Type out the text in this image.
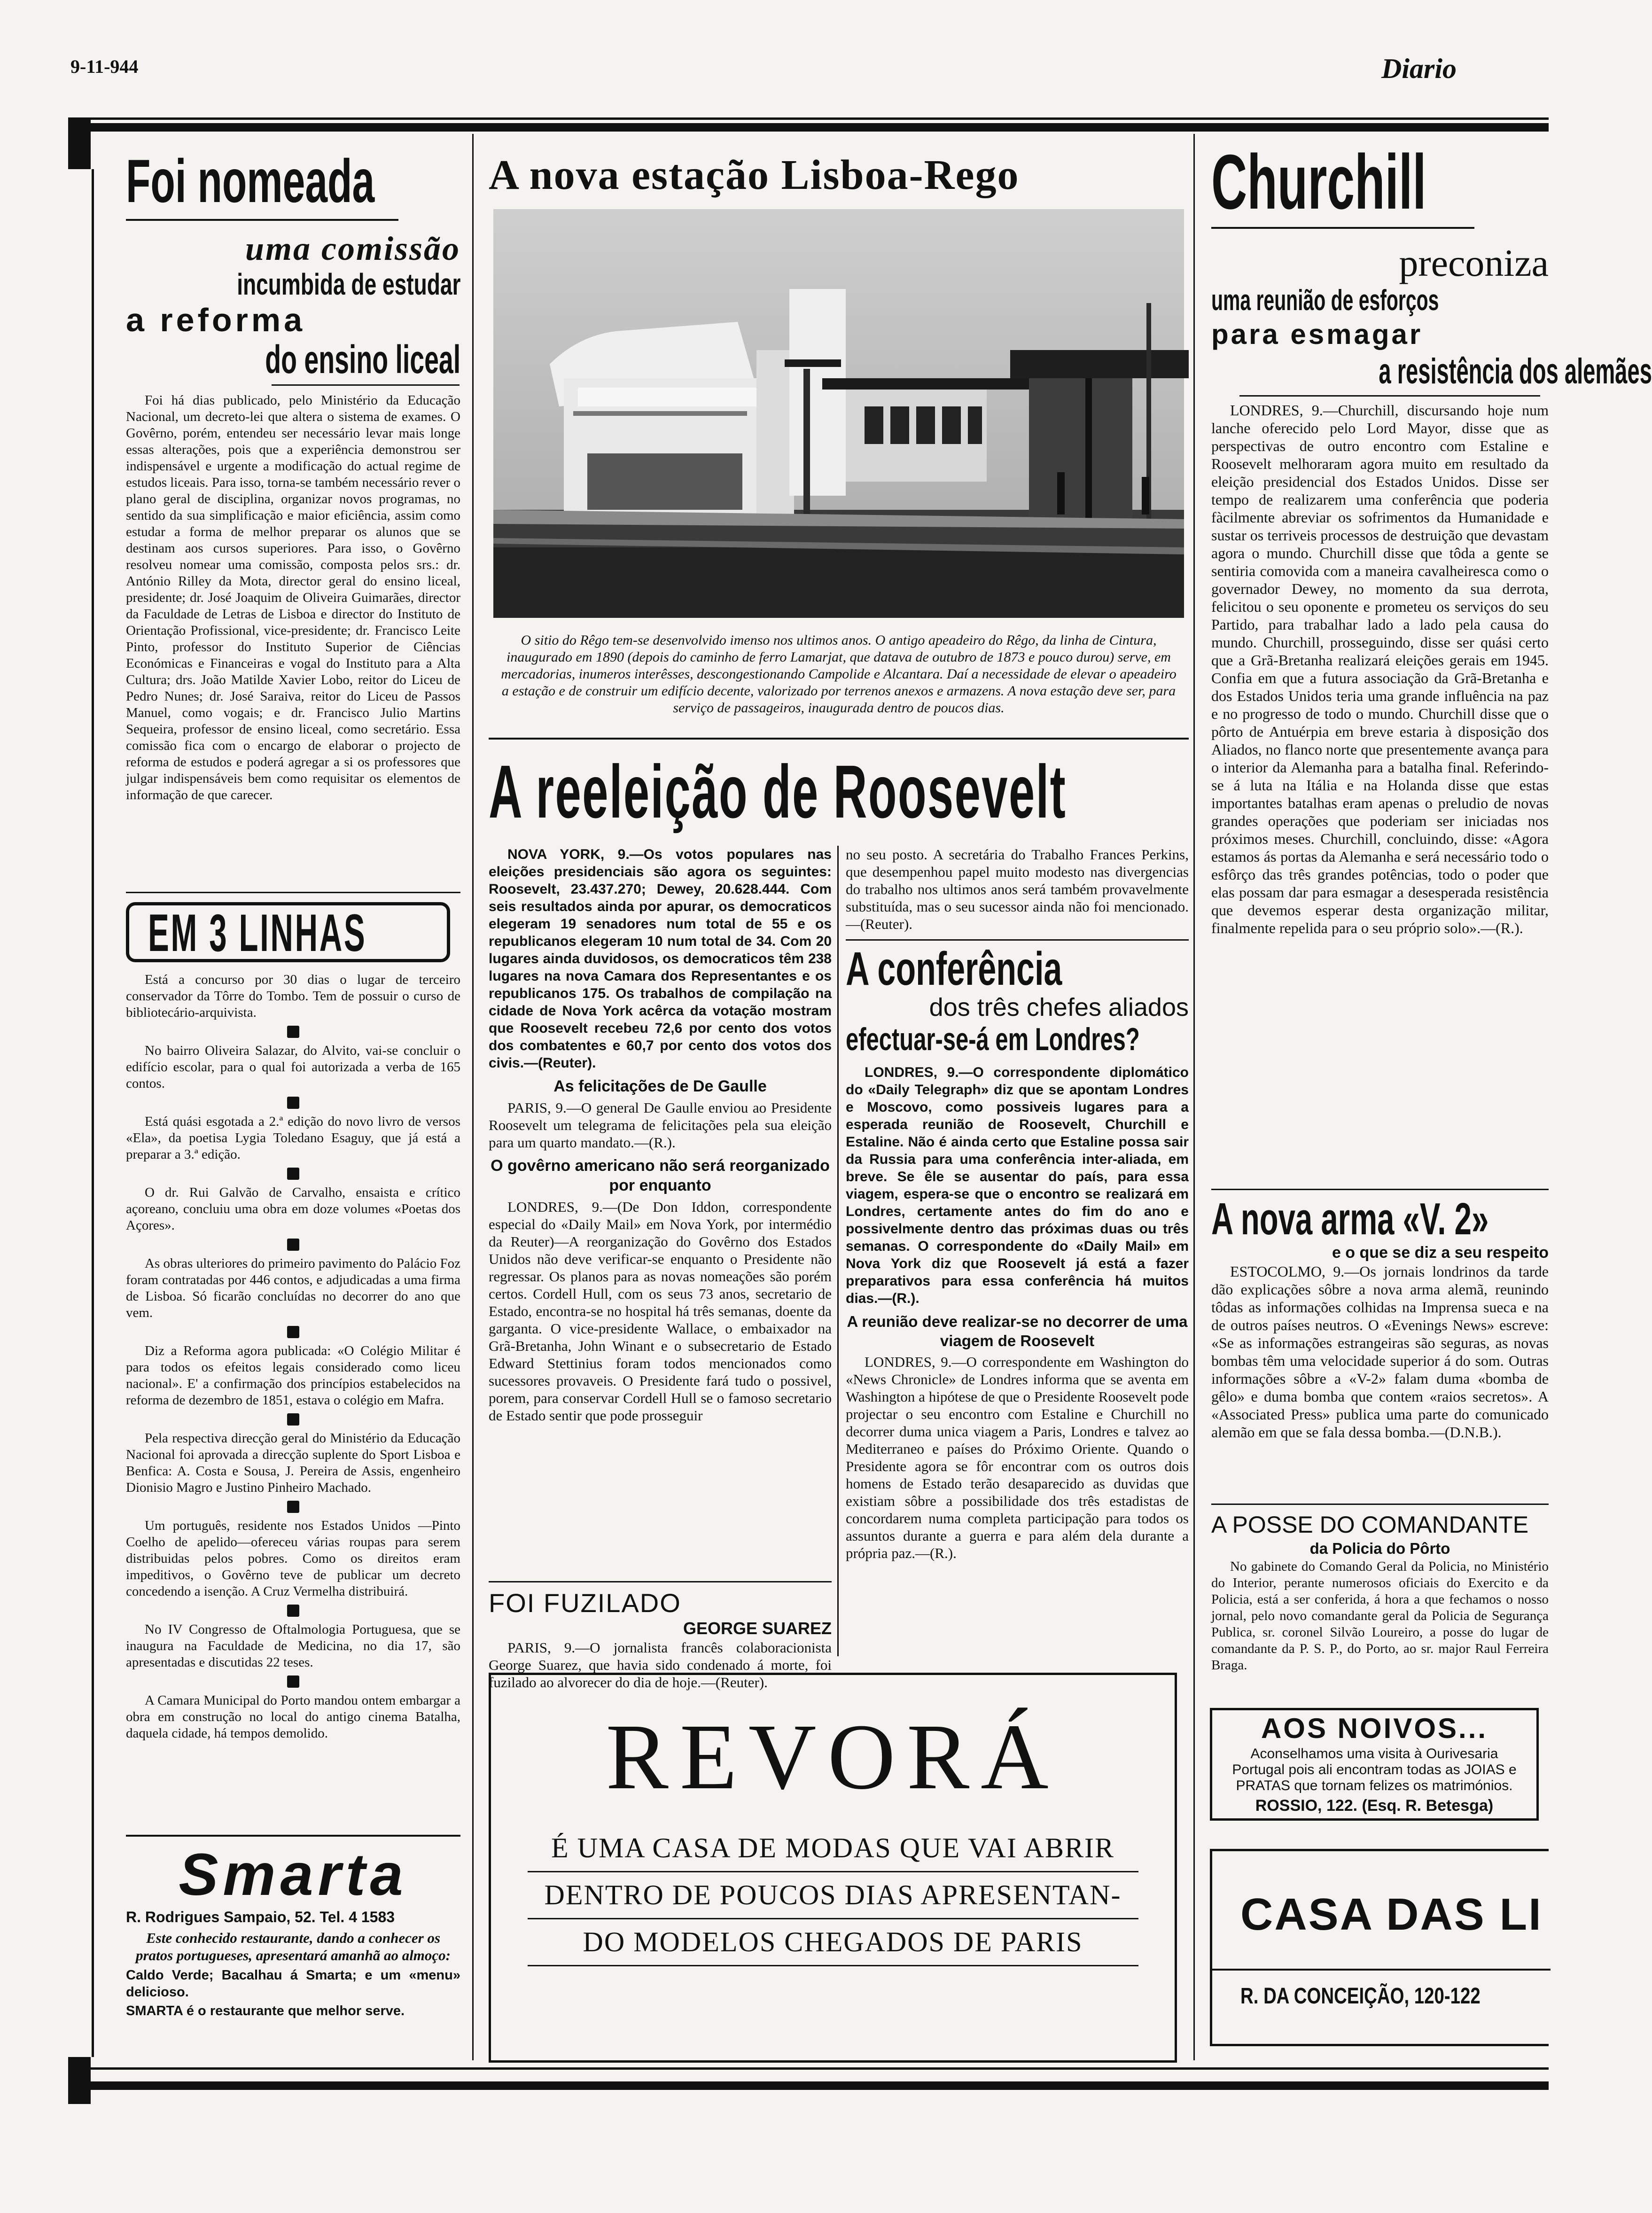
9-11-944	Diario
Foi nomeada
uma comissão
incumbida de estudar
a reforma
do ensino liceal

Foi há dias publicado, pelo Ministério da Educação Nacional, um decreto-lei que altera o sistema de exames. O Govêrno, porém, entendeu ser necessário levar mais longe essas alterações, pois que a experiência demonstrou ser indispensável e urgente a modificação do actual regime de estudos liceais. Para isso, torna-se também necessário rever o plano geral de disciplina, organizar novos programas, no sentido da sua simplificação e maior eficiência, assim como estudar a forma de melhor preparar os alunos que se destinam aos cursos superiores. Para isso, o Govêrno resolveu nomear uma comissão, composta pelos srs.: dr. António Rilley da Mota, director geral do ensino liceal, presidente; dr. José Joaquim de Oliveira Guimarães, director da Faculdade de Letras de Lisboa e director do Instituto de Orientação Profissional, vice-presidente; dr. Francisco Leite Pinto, professor do Instituto Superior de Ciências Económicas e Financeiras e vogal do Instituto para a Alta Cultura; drs. João Matilde Xavier Lobo, reitor do Liceu de Pedro Nunes; dr. José Saraiva, reitor do Liceu de Passos Manuel, como vogais; e dr. Francisco Julio Martins Sequeira, professor de ensino liceal, como secretário. Essa comissão fica com o encargo de elaborar o projecto de reforma de estudos e poderá agregar a si os professores que julgar indispensáveis bem como requisitar os elementos de informação de que carecer.

EM 3 LINHAS

Está a concurso por 30 dias o lugar de terceiro conservador da Tôrre do Tombo. Tem de possuir o curso de bibliotecário-arquivista.

No bairro Oliveira Salazar, do Alvito, vai-se concluir o edifício escolar, para o qual foi autorizada a verba de 165 contos.

Está quási esgotada a 2.ª edição do novo livro de versos «Ela», da poetisa Lygia Toledano Esaguy, que já está a preparar a 3.ª edição.

O dr. Rui Galvão de Carvalho, ensaista e crítico açoreano, concluiu uma obra em doze volumes «Poetas dos Açores».

As obras ulteriores do primeiro pavimento do Palácio Foz foram contratadas por 446 contos, e adjudicadas a uma firma de Lisboa. Só ficarão concluídas no decorrer do ano que vem.

Diz a Reforma agora publicada: «O Colégio Militar é para todos os efeitos legais considerado como liceu nacional». E' a confirmação dos princípios estabelecidos na reforma de dezembro de 1851, estava o colégio em Mafra.

Pela respectiva direcção geral do Ministério da Educação Nacional foi aprovada a direcção suplente do Sport Lisboa e Benfica: A. Costa e Sousa, J. Pereira de Assis, engenheiro Dionisio Magro e Justino Pinheiro Machado.

Um português, residente nos Estados Unidos —Pinto Coelho de apelido—ofereceu várias roupas para serem distribuidas pelos pobres. Como os direitos eram impeditivos, o Govêrno teve de publicar um decreto concedendo a isenção. A Cruz Vermelha distribuirá.

No IV Congresso de Oftalmologia Portuguesa, que se inaugura na Faculdade de Medicina, no dia 17, são apresentadas e discutidas 22 teses.

A Camara Municipal do Porto mandou ontem embargar a obra em construção no local do antigo cinema Batalha, daquela cidade, há tempos demolido.

Smarta
R. Rodrigues Sampaio, 52. Tel. 4 1583

Este conhecido restaurante, dando a conhecer os pratos portugueses, apresentará amanhã ao almoço:

Caldo Verde; Bacalhau á Smarta; e um «menu» delicioso.

SMARTA é o restaurante que melhor serve.

A nova estação Lisboa-Rego

O sitio do Rêgo tem-se desenvolvido imenso nos ultimos anos. O antigo apeadeiro do Rêgo, da linha de Cintura, inaugurado em 1890 (depois do caminho de ferro Lamarjat, que datava de outubro de 1873 e pouco durou) serve, em mercadorias, inumeros interêsses, descongestionando Campolide e Alcantara. Daí a necessidade de elevar o apeadeiro a estação e de construir um edifício decente, valorizado por terrenos anexos e armazens. A nova estação deve ser, para serviço de passageiros, inaugurada dentro de poucos dias.

A reeleição de Roosevelt

NOVA YORK, 9.—Os votos populares nas eleições presidenciais são agora os seguintes: Roosevelt, 23.437.270; Dewey, 20.628.444. Com seis resultados ainda por apurar, os democraticos elegeram 19 senadores num total de 55 e os republicanos elegeram 10 num total de 34. Com 20 lugares ainda duvidosos, os democraticos têm 238 lugares na nova Camara dos Representantes e os republicanos 175. Os trabalhos de compilação na cidade de Nova York acêrca da votação mostram que Roosevelt recebeu 72,6 por cento dos votos dos combatentes e 60,7 por cento dos votos dos civis.—(Reuter).

As felicitações de De Gaulle

PARIS, 9.—O general De Gaulle enviou ao Presidente Roosevelt um telegrama de felicitações pela sua eleição para um quarto mandato.—(R.).

O govêrno americano não será reorganizado por enquanto

LONDRES, 9.—(De Don Iddon, correspondente especial do «Daily Mail» em Nova York, por intermédio da Reuter)—A reorganização do Govêrno dos Estados Unidos não deve verificar-se enquanto o Presidente não regressar. Os planos para as novas nomeações são porém certos. Cordell Hull, com os seus 73 anos, secretario de Estado, encontra-se no hospital há três semanas, doente da garganta. O vice-presidente Wallace, o embaixador na Grã-Bretanha, John Winant e o subsecretario de Estado Edward Stettinius foram todos mencionados como sucessores provaveis. O Presidente fará tudo o possivel, porem, para conservar Cordell Hull se o famoso secretario de Estado sentir que pode prosseguir

FOI FUZILADO
GEORGE SUAREZ

PARIS, 9.—O jornalista francês colaboracionista George Suarez, que havia sido condenado á morte, foi fuzilado ao alvorecer do dia de hoje.—(Reuter).

no seu posto. A secretária do Trabalho Frances Perkins, que desempenhou papel muito modesto nas divergencias do trabalho nos ultimos anos será também provavelmente substituída, mas o seu sucessor ainda não foi mencionado.—(Reuter).

A conferência
dos três chefes aliados
efectuar-se-á em Londres?

LONDRES, 9.—O correspondente diplomático do «Daily Telegraph» diz que se apontam Londres e Moscovo, como possiveis lugares para a esperada reunião de Roosevelt, Churchill e Estaline. Não é ainda certo que Estaline possa sair da Russia para uma conferência inter-aliada, em breve. Se êle se ausentar do país, para essa viagem, espera-se que o encontro se realizará em Londres, certamente antes do fim do ano e possivelmente dentro das próximas duas ou três semanas. O correspondente do «Daily Mail» em Nova York diz que Roosevelt já está a fazer preparativos para essa conferência há muitos dias.—(R.).

A reunião deve realizar-se no decorrer de uma viagem de Roosevelt

LONDRES, 9.—O correspondente em Washington do «News Chronicle» de Londres informa que se aventa em Washington a hipótese de que o Presidente Roosevelt pode projectar o seu encontro com Estaline e Churchill no decorrer duma unica viagem a Paris, Londres e talvez ao Mediterraneo e países do Próximo Oriente. Quando o Presidente agora se fôr encontrar com os outros dois homens de Estado terão desaparecido as duvidas que existiam sôbre a possibilidade dos três estadistas de concordarem numa completa participação para todos os assuntos durante a guerra e para além dela durante a própria paz.—(R.).

REVORÁ
É UMA CASA DE MODAS QUE VAI ABRIR
DENTRO DE POUCOS DIAS APRESENTAN-
DO MODELOS CHEGADOS DE PARIS
Churchill
preconiza
uma reunião de esforços
para esmagar
a resistência dos alemães

LONDRES, 9.—Churchill, discursando hoje num lanche oferecido pelo Lord Mayor, disse que as perspectivas de outro encontro com Estaline e Roosevelt melhoraram agora muito em resultado da eleição presidencial dos Estados Unidos. Disse ser tempo de realizarem uma conferência que poderia fàcilmente abreviar os sofrimentos da Humanidade e sustar os terriveis processos de destruição que devastam agora o mundo. Churchill disse que tôda a gente se sentiria comovida com a maneira cavalheiresca como o governador Dewey, no momento da sua derrota, felicitou o seu oponente e prometeu os serviços do seu Partido, para trabalhar lado a lado pela causa do mundo. Churchill, prosseguindo, disse ser quási certo que a Grã-Bretanha realizará eleições gerais em 1945. Confia em que a futura associação da Grã-Bretanha e dos Estados Unidos teria uma grande influência na paz e no progresso de todo o mundo. Churchill disse que o pôrto de Antuérpia em breve estaria à disposição dos Aliados, no flanco norte que presentemente avança para o interior da Alemanha para a batalha final. Referindo-se á luta na Itália e na Holanda disse que estas importantes batalhas eram apenas o preludio de novas grandes operações que poderiam ser iniciadas nos próximos meses. Churchill, concluindo, disse: «Agora estamos ás portas da Alemanha e será necessário todo o esfôrço das três grandes potências, todo o poder que elas possam dar para esmagar a desesperada resistência que devemos esperar desta organização militar, finalmente repelida para o seu próprio solo».—(R.).

A nova arma «V. 2»
e o que se diz a seu respeito

ESTOCOLMO, 9.—Os jornais londrinos da tarde dão explicações sôbre a nova arma alemã, reunindo tôdas as informações colhidas na Imprensa sueca e na de outros países neutros. O «Evenings News» escreve: «Se as informações estrangeiras são seguras, as novas bombas têm uma velocidade superior á do som. Outras informações sôbre a «V-2» falam duma «bomba de gêlo» e duma bomba que contem «raios secretos». A «Associated Press» publica uma parte do comunicado alemão em que se fala dessa bomba.—(D.N.B.).

A POSSE DO COMANDANTE
da Policia do Pôrto

No gabinete do Comando Geral da Policia, no Ministério do Interior, perante numerosos oficiais do Exercito e da Policia, está a ser conferida, á hora a que fechamos o nosso jornal, pelo novo comandante geral da Policia de Segurança Publica, sr. coronel Silvão Loureiro, a posse do lugar de comandante da P. S. P., do Porto, ao sr. major Raul Ferreira Braga.

AOS NOIVOS...

Aconselhamos uma visita à Ourivesaria Portugal pois ali encontram todas as JOIAS e PRATAS que tornam felizes os matrimónios.

ROSSIO, 122. (Esq. R. Betesga)
CASA DAS LI
R. DA CONCEIÇÃO, 120-122
